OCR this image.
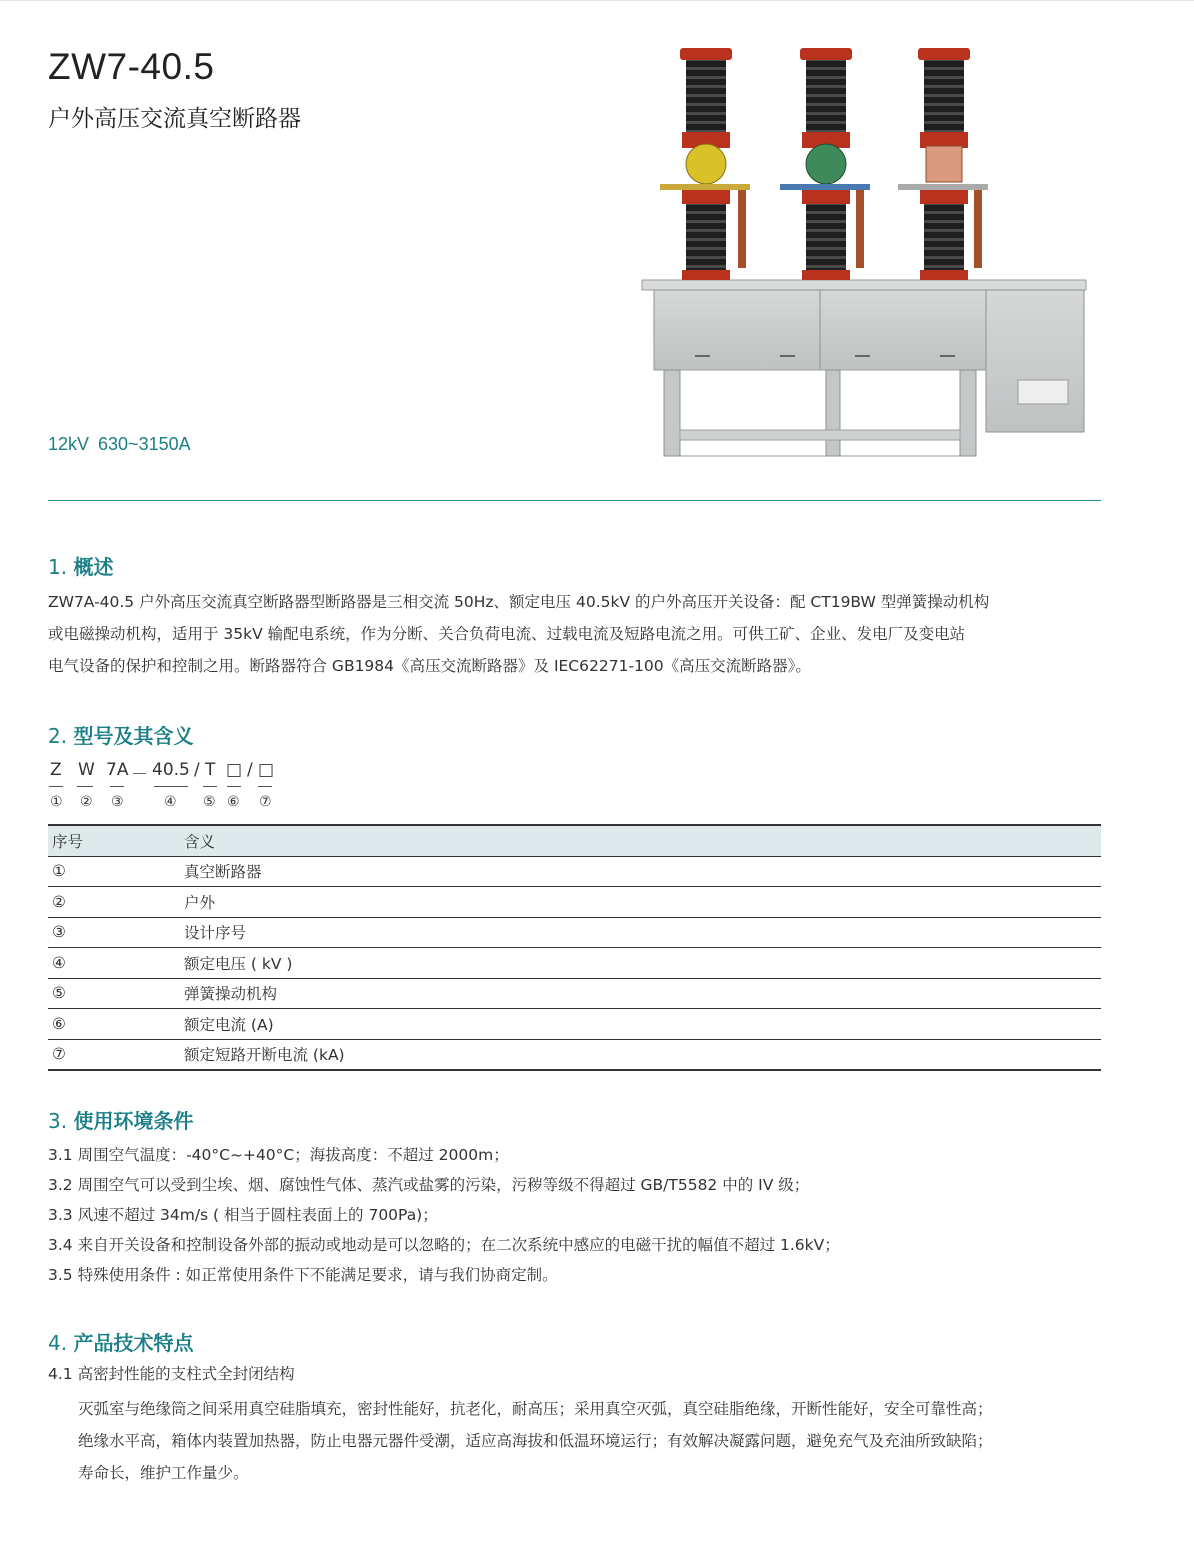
ZW7-40.5
户外高压交流真空断路器
12kV 630~3150A
1. 概述
ZW7A-40.5 户外高压交流真空断路器型断路器是三相交流 50Hz、额定电压 40.5kV 的户外高压开关设备：配 CT19BW 型弹簧操动机构
或电磁操动机构，适用于 35kV 输配电系统，作为分断、关合负荷电流、过载电流及短路电流之用。可供工矿、企业、发电厂及变电站
电气设备的保护和控制之用。断路器符合 GB1984《高压交流断路器》及 IEC62271-100《高压交流断路器》。
2. 型号及其含义
Z W 7A － 40.5 / T □ / □
① ② ③	④ ⑤ ⑥ ⑦
序号	含义
①	真空断路器
②	户外
③	设计序号
④	额定电压 ( kV )
⑤	弹簧操动机构
⑥	额定电流 (A)
⑦	额定短路开断电流 (kA)
3. 使用环境条件
3.1 周围空气温度：-40°C~+40°C；海拔高度：不超过 2000m；
3.2 周围空气可以受到尘埃、烟、腐蚀性气体、蒸汽或盐雾的污染，污秽等级不得超过 GB/T5582 中的 IV 级；
3.3 风速不超过 34m/s ( 相当于圆柱表面上的 700Pa)；
3.4 来自开关设备和控制设备外部的振动或地动是可以忽略的；在二次系统中感应的电磁干扰的幅值不超过 1.6kV；
3.5 特殊使用条件 : 如正常使用条件下不能满足要求，请与我们协商定制。
4. 产品技术特点
4.1 高密封性能的支柱式全封闭结构
灭弧室与绝缘筒之间采用真空硅脂填充，密封性能好，抗老化，耐高压；采用真空灭弧，真空硅脂绝缘，开断性能好，安全可靠性高；
绝缘水平高，箱体内装置加热器，防止电器元器件受潮，适应高海拔和低温环境运行；有效解决凝露问题，避免充气及充油所致缺陷；
寿命长，维护工作量少。
